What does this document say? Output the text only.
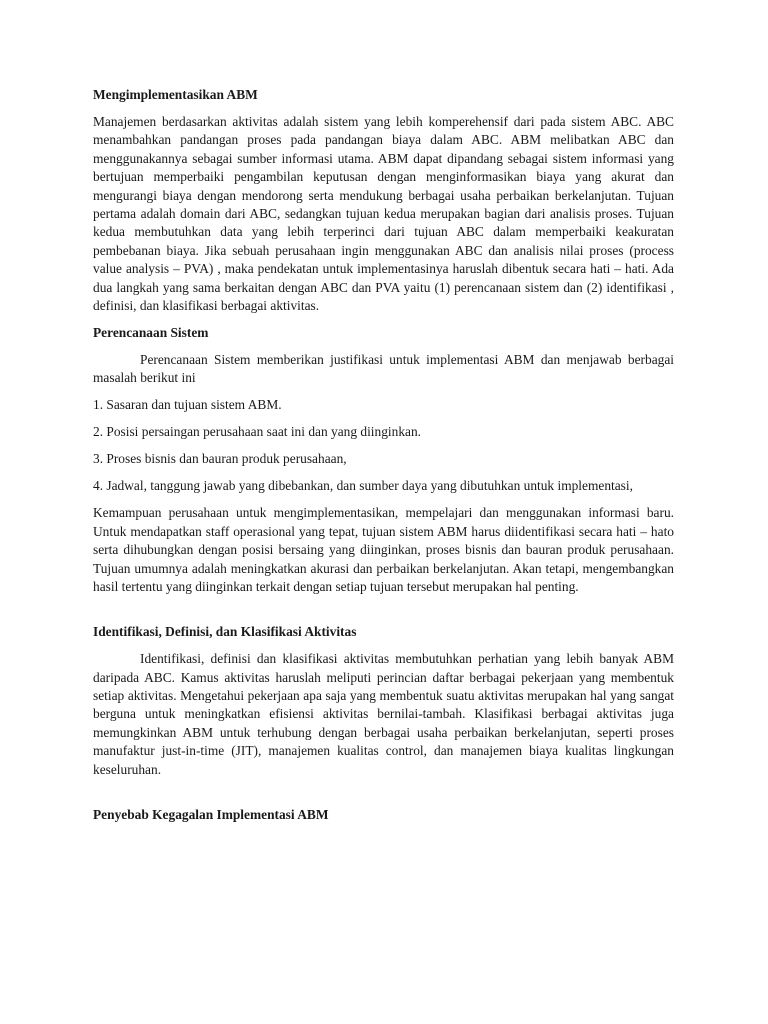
Mengimplementasikan ABM

Manajemen berdasarkan aktivitas adalah sistem yang lebih komperehensif dari pada sistem ABC. ABC menambahkan pandangan proses pada pandangan biaya dalam ABC. ABM melibatkan ABC dan menggunakannya sebagai sumber informasi utama. ABM dapat dipandang sebagai sistem informasi yang bertujuan memperbaiki pengambilan keputusan dengan menginformasikan biaya yang akurat dan mengurangi biaya dengan mendorong serta mendukung berbagai usaha perbaikan berkelanjutan. Tujuan pertama adalah domain dari ABC, sedangkan tujuan kedua merupakan bagian dari analisis proses. Tujuan kedua membutuhkan data yang lebih terperinci dari tujuan ABC dalam memperbaiki keakuratan pembebanan biaya. Jika sebuah perusahaan ingin menggunakan ABC dan analisis nilai proses (process value analysis – PVA) , maka pendekatan untuk implementasinya haruslah dibentuk secara hati – hati. Ada dua langkah yang sama berkaitan dengan ABC dan PVA yaitu (1) perencanaan sistem dan (2) identifikasi , definisi, dan klasifikasi berbagai aktivitas.

Perencanaan Sistem

Perencanaan Sistem memberikan justifikasi untuk implementasi ABM dan menjawab berbagai masalah berikut ini

1. Sasaran dan tujuan sistem ABM.

2. Posisi persaingan perusahaan saat ini dan yang diinginkan.

3. Proses bisnis dan bauran produk perusahaan,

4. Jadwal, tanggung jawab yang dibebankan, dan sumber daya yang dibutuhkan untuk implementasi,

Kemampuan perusahaan untuk mengimplementasikan, mempelajari dan menggunakan informasi baru. Untuk mendapatkan staff operasional yang tepat, tujuan sistem ABM harus diidentifikasi secara hati – hato serta dihubungkan dengan posisi bersaing yang diinginkan, proses bisnis dan bauran produk perusahaan. Tujuan umumnya adalah meningkatkan akurasi dan perbaikan berkelanjutan. Akan tetapi, mengembangkan hasil tertentu yang diinginkan terkait dengan setiap tujuan tersebut merupakan hal penting.

Identifikasi, Definisi, dan Klasifikasi Aktivitas

Identifikasi, definisi dan klasifikasi aktivitas membutuhkan perhatian yang lebih banyak ABM daripada ABC. Kamus aktivitas haruslah meliputi perincian daftar berbagai pekerjaan yang membentuk setiap aktivitas. Mengetahui pekerjaan apa saja yang membentuk suatu aktivitas merupakan hal yang sangat berguna untuk meningkatkan efisiensi aktivitas bernilai-tambah. Klasifikasi berbagai aktivitas juga memungkinkan ABM untuk terhubung dengan berbagai usaha perbaikan berkelanjutan, seperti proses manufaktur just-in-time (JIT), manajemen kualitas control, dan manajemen biaya kualitas lingkungan keseluruhan.

Penyebab Kegagalan Implementasi ABM
